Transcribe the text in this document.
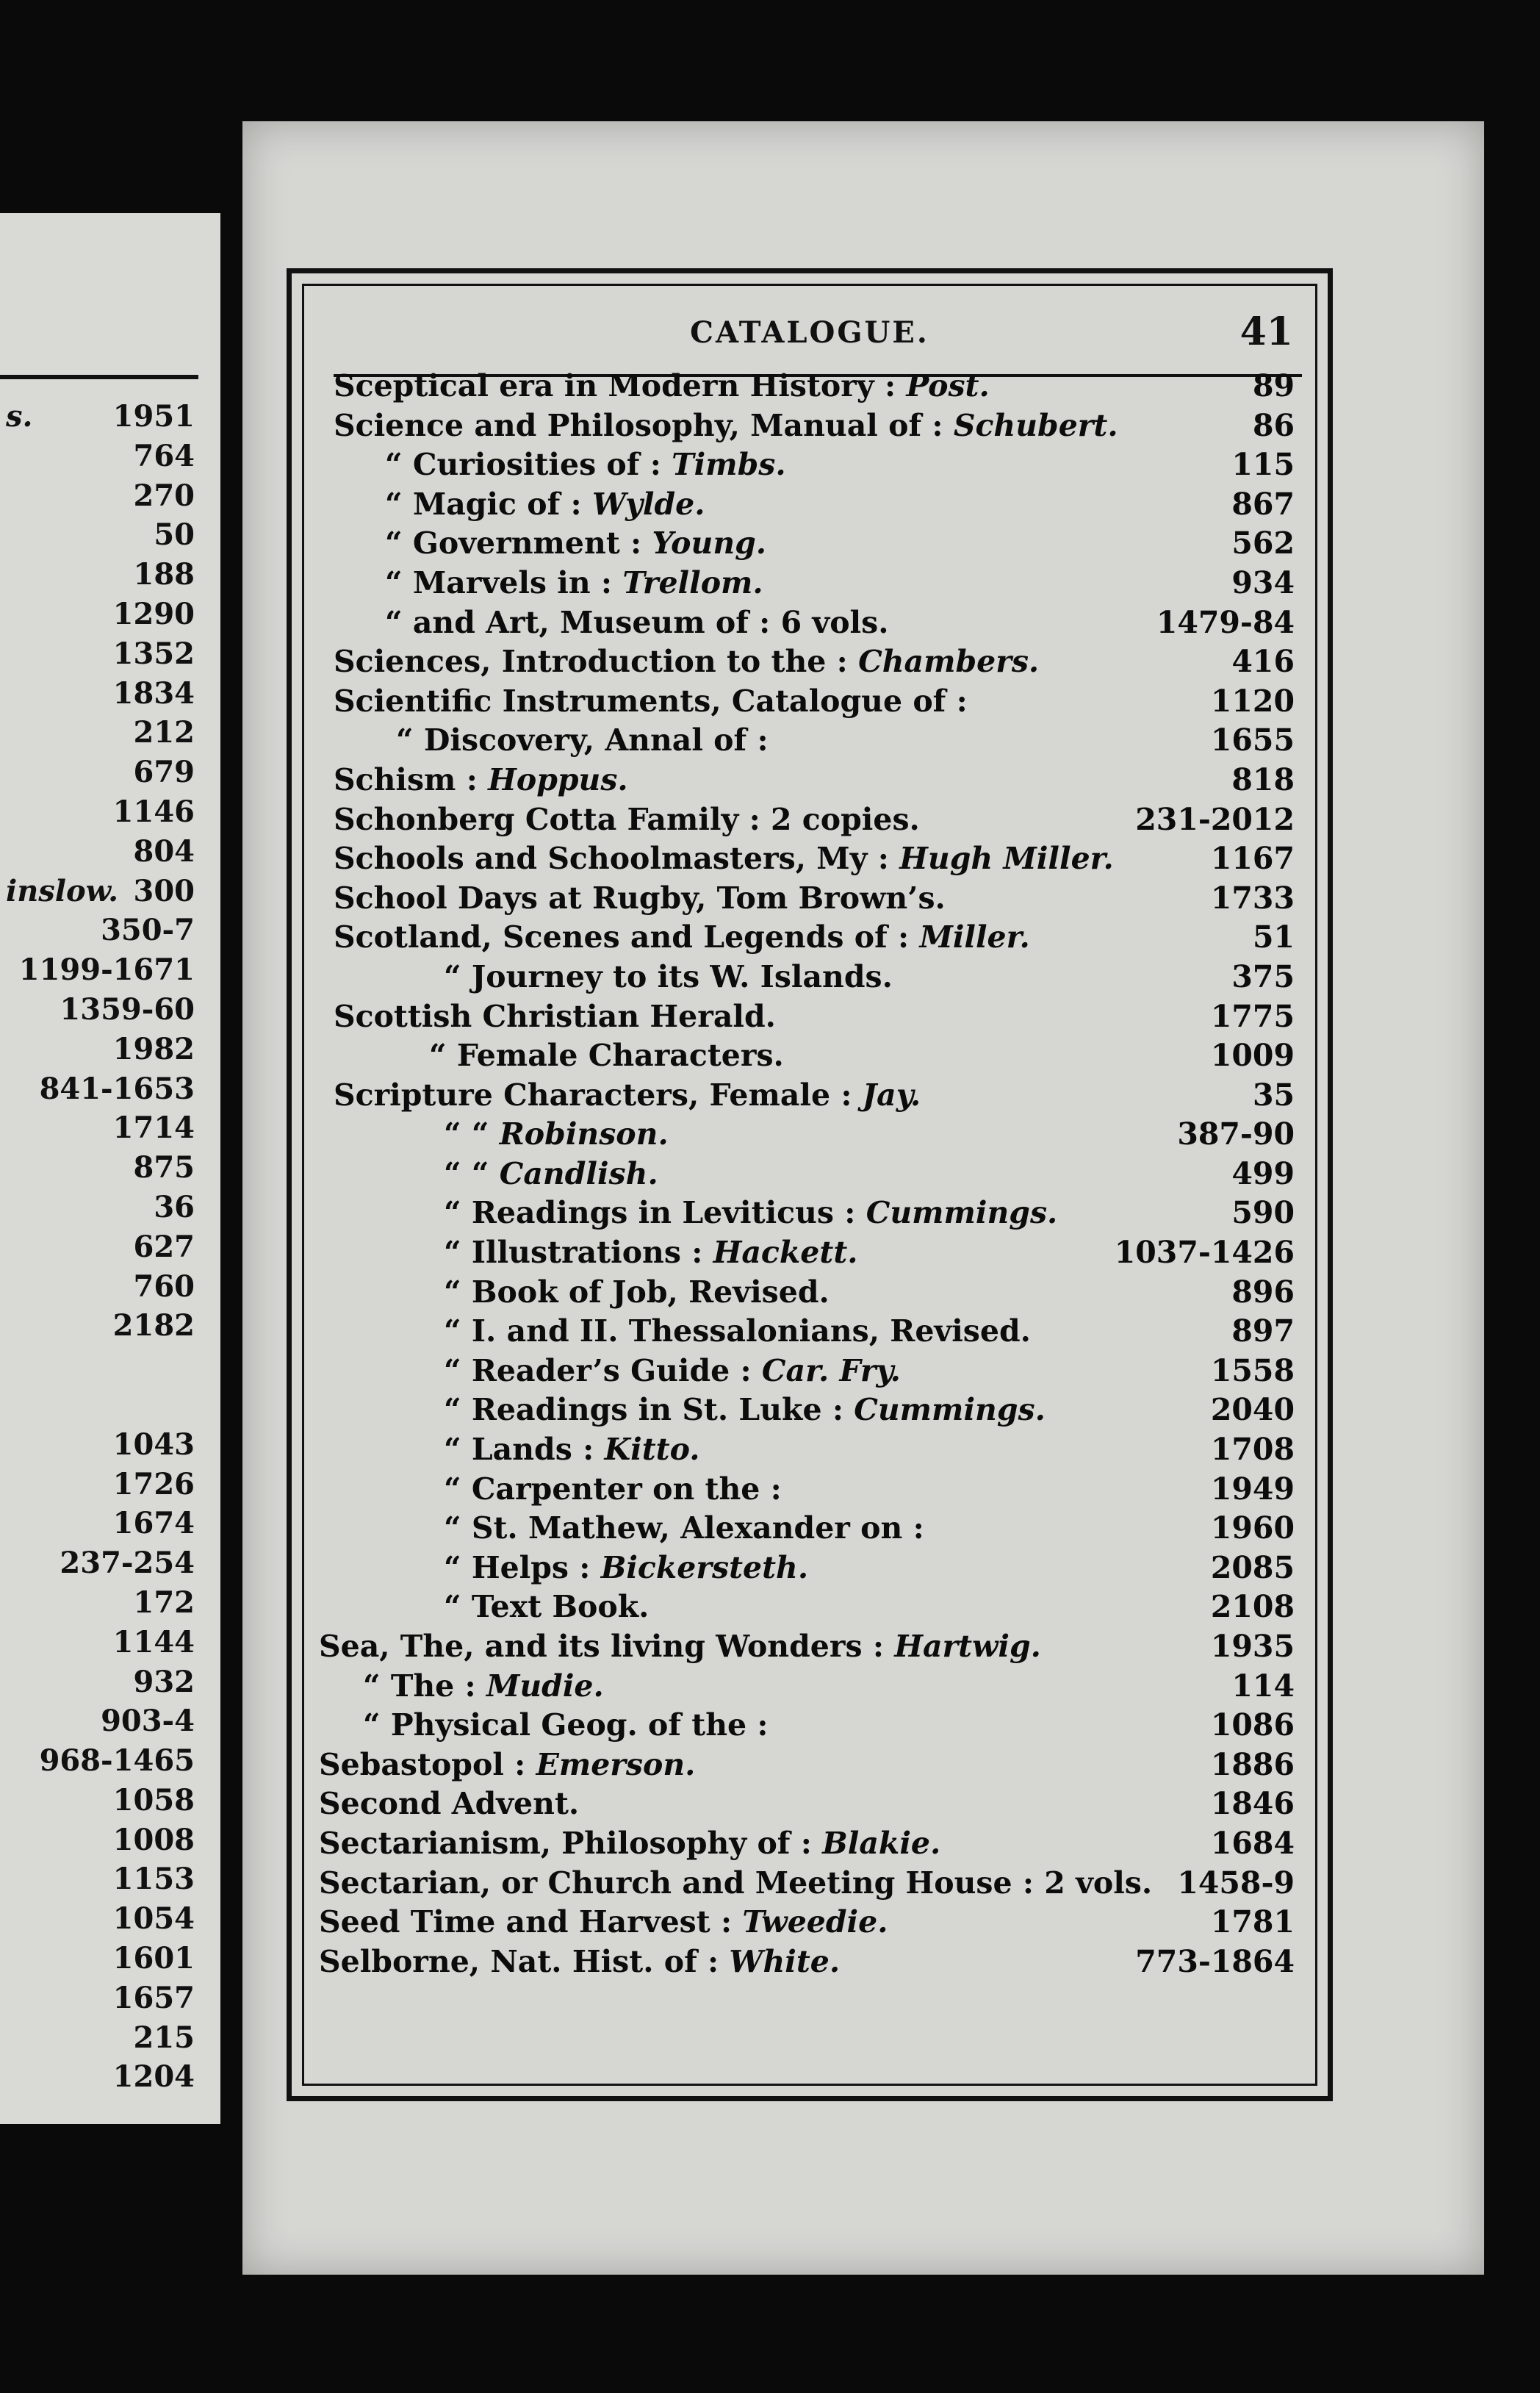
s.	1951
764
270
50
188
1290
1352
1834
212
679
1146
804
inslow. 300
350-7
1199-1671
1359-60
1982
841-1653
1714
875
36
627
760
2182
1043
1726
1674
237-254
172
1144
932
903-4
968-1465
1058
1008
1153
1054
1601
1657
215
1204
CATALOGUE.	41
Sceptical era in Modern History : Post.	89
Science and Philosophy, Manual of : Schubert.	86
“ Curiosities of : Timbs.	115
“ Magic of : Wylde.	867
“ Government : Young.	562
“ Marvels in : Trellom.	934
“ and Art, Museum of : 6 vols.	1479-84
Sciences, Introduction to the : Chambers.	416
Scientific Instruments, Catalogue of :	1120
“ Discovery, Annal of :	1655
Schism : Hoppus.	818
Schonberg Cotta Family : 2 copies.	231-2012
Schools and Schoolmasters, My : Hugh Miller.	1167
School Days at Rugby, Tom Brown’s.	1733
Scotland, Scenes and Legends of : Miller.	51
“ Journey to its W. Islands.	375
Scottish Christian Herald.	1775
“ Female Characters.	1009
Scripture Characters, Female : Jay.	35
“ “ Robinson.	387-90
“ “ Candlish.	499
“ Readings in Leviticus : Cummings.	590
“ Illustrations : Hackett.	1037-1426
“ Book of Job, Revised.	896
“ I. and II. Thessalonians, Revised.	897
“ Reader’s Guide : Car. Fry.	1558
“ Readings in St. Luke : Cummings.	2040
“ Lands : Kitto.	1708
“ Carpenter on the :	1949
“ St. Mathew, Alexander on :	1960
“ Helps : Bickersteth.	2085
“ Text Book.	2108
Sea, The, and its living Wonders : Hartwig.	1935
“ The : Mudie.	114
“ Physical Geog. of the :	1086
Sebastopol : Emerson.	1886
Second Advent.	1846
Sectarianism, Philosophy of : Blakie.	1684
Sectarian, or Church and Meeting House : 2 vols. 1458-9
Seed Time and Harvest : Tweedie.	1781
Selborne, Nat. Hist. of : White.	773-1864
